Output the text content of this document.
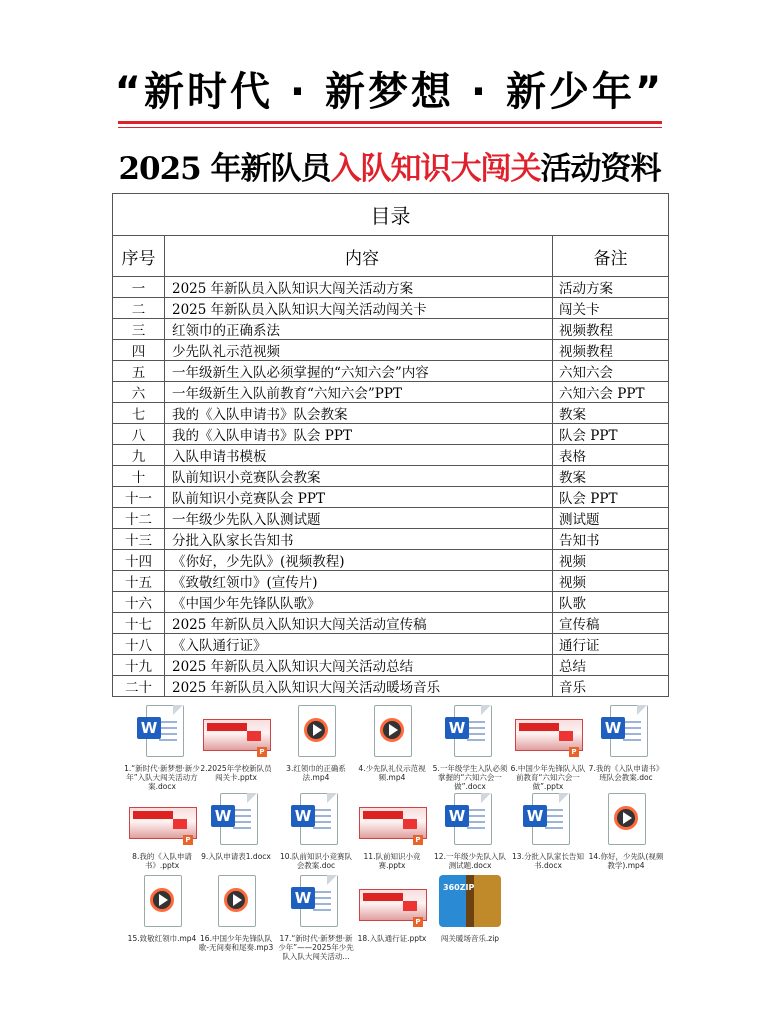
“新时代 · 新梦想 · 新少年”
2025 年新队员入队知识大闯关活动资料
目录		
序号	内容	备注
一	2025 年新队员入队知识大闯关活动方案	活动方案
二	2025 年新队员入队知识大闯关活动闯关卡	闯关卡
三	红领巾的正确系法	视频教程
四	少先队礼示范视频	视频教程
五	一年级新生入队必须掌握的“六知六会”内容	六知六会
六	一年级新生入队前教育“六知六会”PPT	六知六会 PPT
七	我的《入队申请书》队会教案	教案
八	我的《入队申请书》队会 PPT	队会 PPT
九	入队申请书模板	表格
十	队前知识小竞赛队会教案	教案
十一	队前知识小竞赛队会 PPT	队会 PPT
十二	一年级少先队入队测试题	测试题
十三	分批入队家长告知书	告知书
十四	《你好，少先队》(视频教程)	视频
十五	《致敬红领巾》(宣传片)	视频
十六	《中国少年先锋队队歌》	队歌
十七	2025 年新队员入队知识大闯关活动宣传稿	宣传稿
十八	《入队通行证》	通行证
十九	2025 年新队员入队知识大闯关活动总结	总结
二十	2025 年新队员入队知识大闯关活动暖场音乐	音乐
W
1.“新时代·新梦想·新少年”入队大闯关活动方案.docx
P
2.2025年学校新队员闯关卡.pptx
3.红领巾的正确系法.mp4
4.少先队礼仪示范视频.mp4
W
5.一年级学生入队必须掌握的“六知六会一做”.docx
P
6.中国少年先锋队入队前教育“六知六会一做”.pptx
W
7.我的《入队申请书》班队会教案.doc
P
8.我的《入队申请书》.pptx
W
9.入队申请表1.docx
W
10.队前知识小竞赛队会教案.doc
P
11.队前知识小竞赛.pptx
W
12.一年级少先队入队测试题.docx
W
13.分批入队家长告知书.docx
14.你好，少先队(视频教学).mp4
15.致敬红领巾.mp4 16.中国少年先锋队队歌-无间奏和尾奏.mp3
W
17.“新时代·新梦想·新少年”——2025年少先队入队大闯关活动...
P
18.入队通行证.pptx
360ZIP
闯关暖场音乐.zip
